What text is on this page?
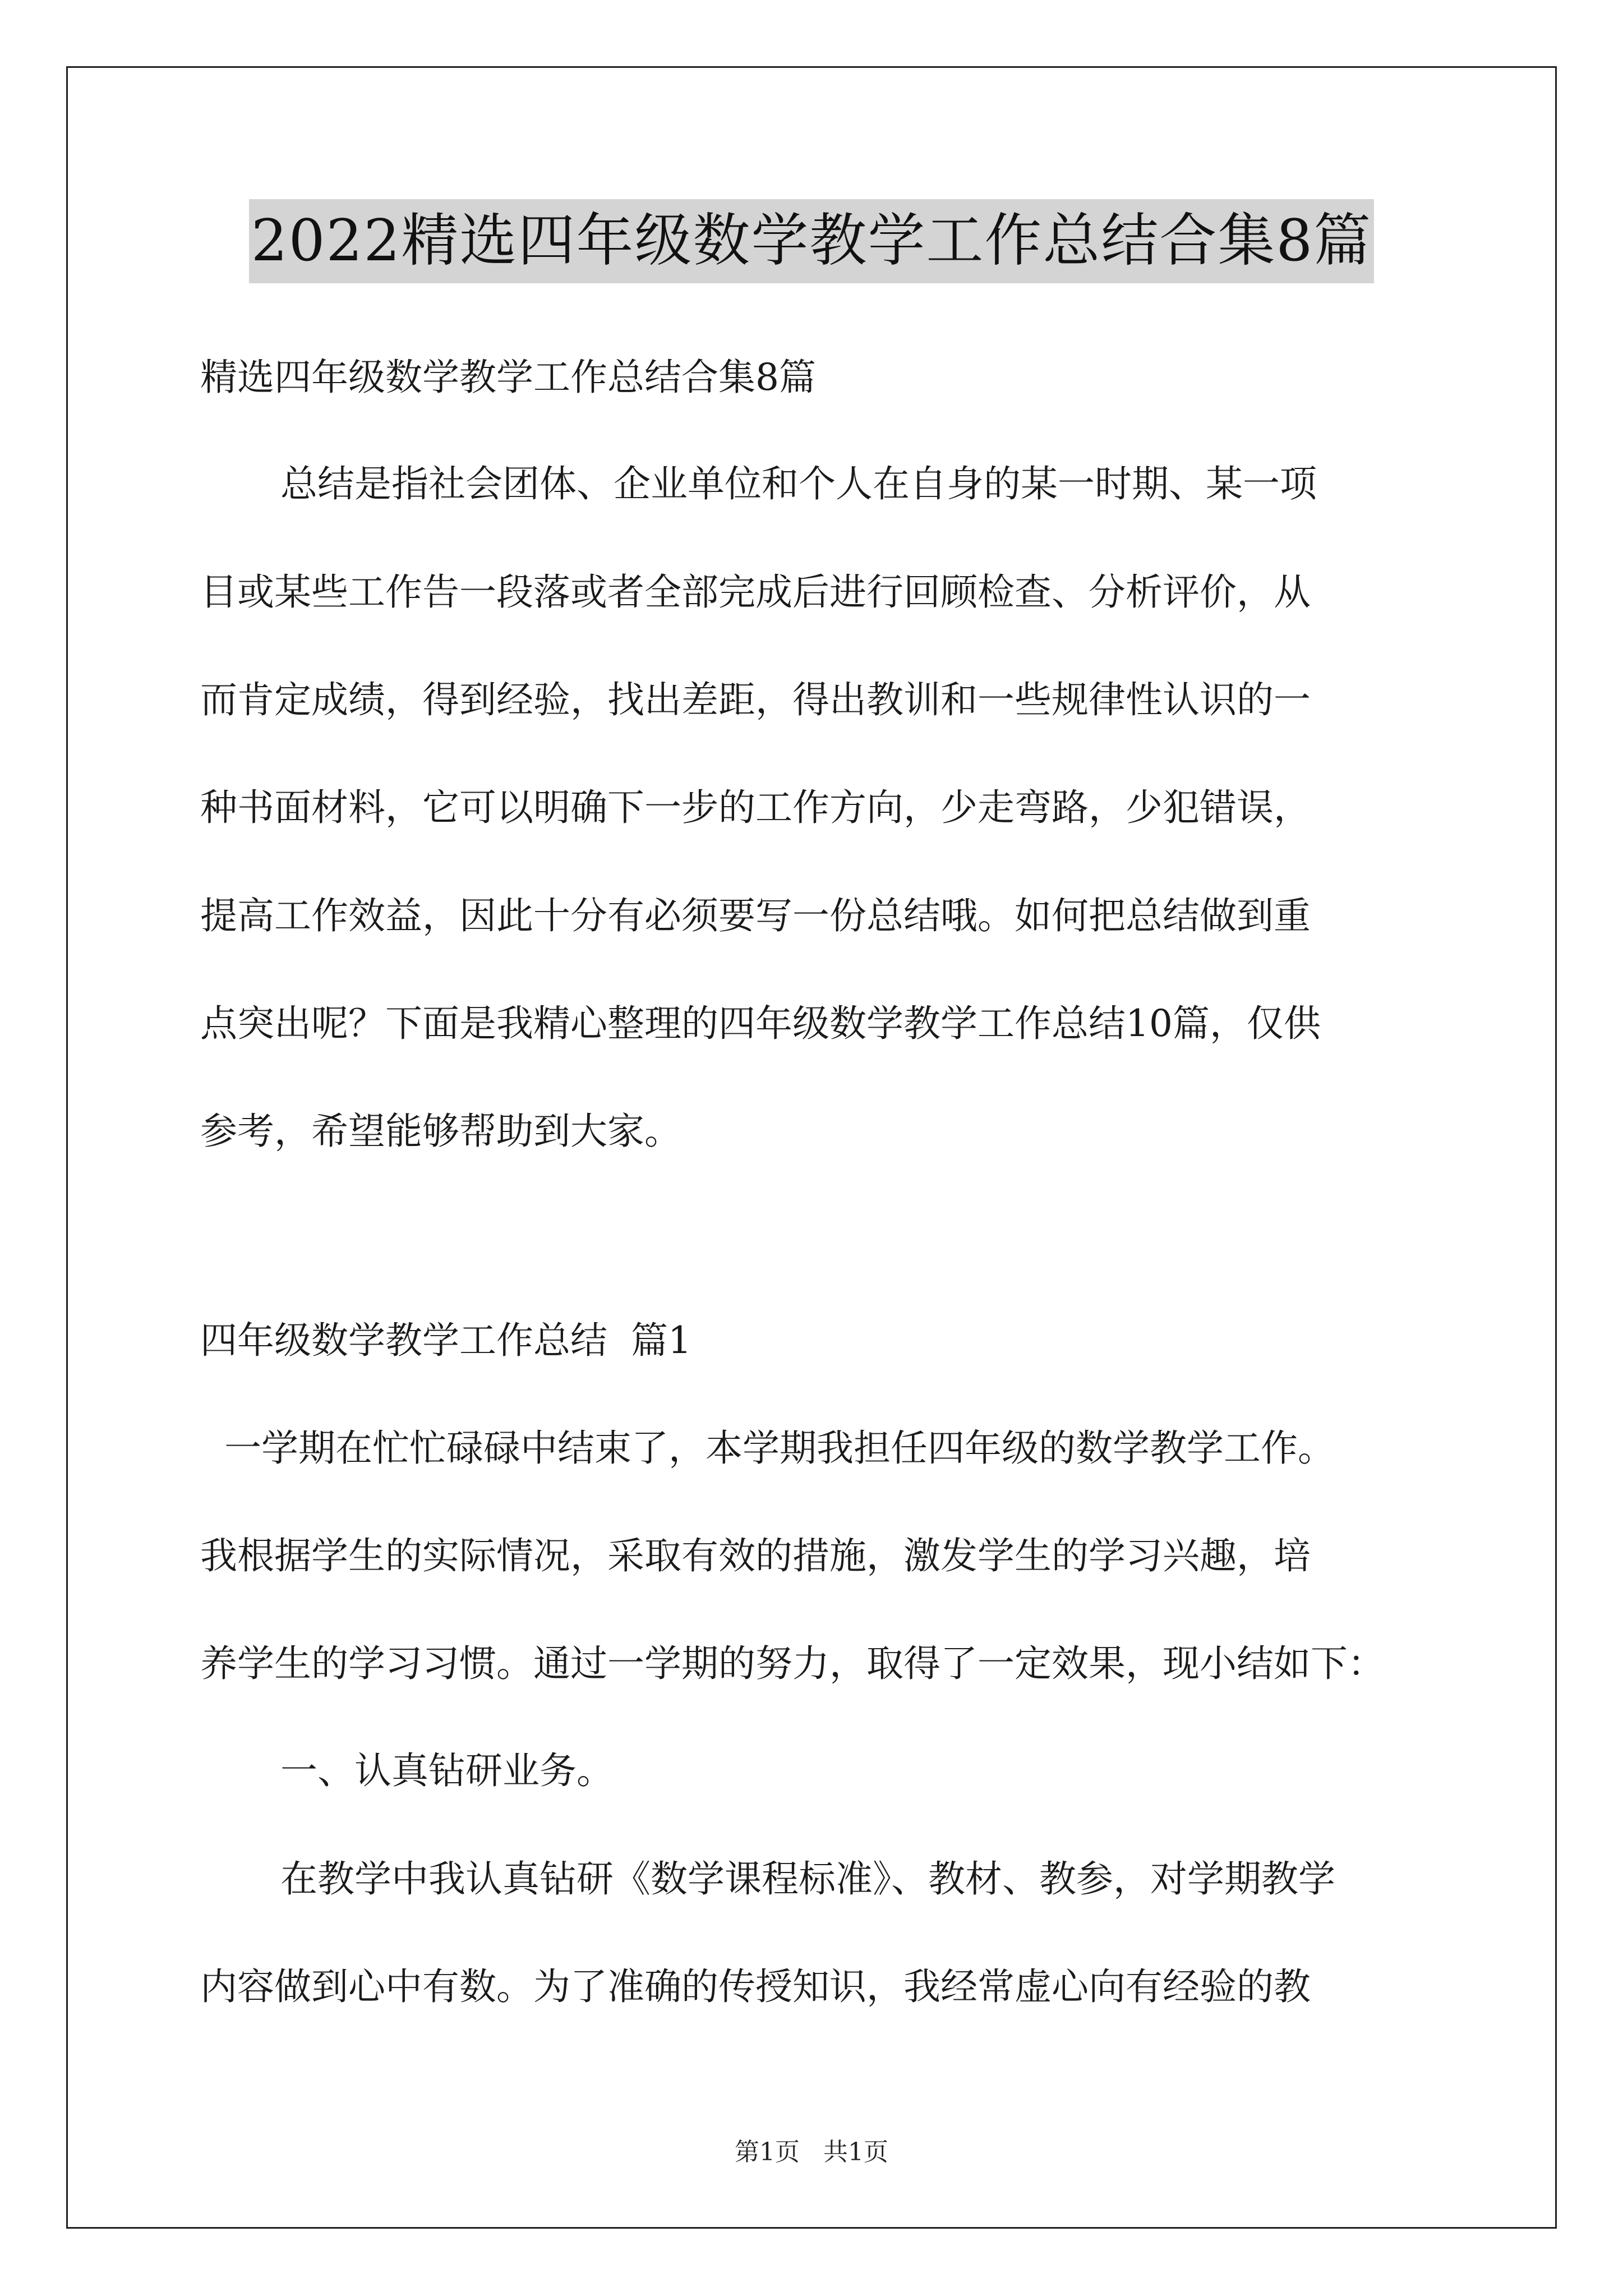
2022精选四年级数学教学工作总结合集8篇
精选四年级数学教学工作总结合集8篇
总结是指社会团体、企业单位和个人在自身的某一时期、某一项
目或某些工作告一段落或者全部完成后进行回顾检查、分析评价，从
而肯定成绩，得到经验，找出差距，得出教训和一些规律性认识的一
种书面材料，它可以明确下一步的工作方向，少走弯路，少犯错误，
提高工作效益，因此十分有必须要写一份总结哦。如何把总结做到重
点突出呢？下面是我精心整理的四年级数学教学工作总结10篇，仅供
参考，希望能够帮助到大家。
四年级数学教学工作总结  篇1
一学期在忙忙碌碌中结束了，本学期我担任四年级的数学教学工作。
我根据学生的实际情况，采取有效的措施，激发学生的学习兴趣，培
养学生的学习习惯。通过一学期的努力，取得了一定效果，现小结如下：
一、认真钻研业务。
在教学中我认真钻研《数学课程标准》、教材、教参，对学期教学
内容做到心中有数。为了准确的传授知识，我经常虚心向有经验的教
第1页 共1页
